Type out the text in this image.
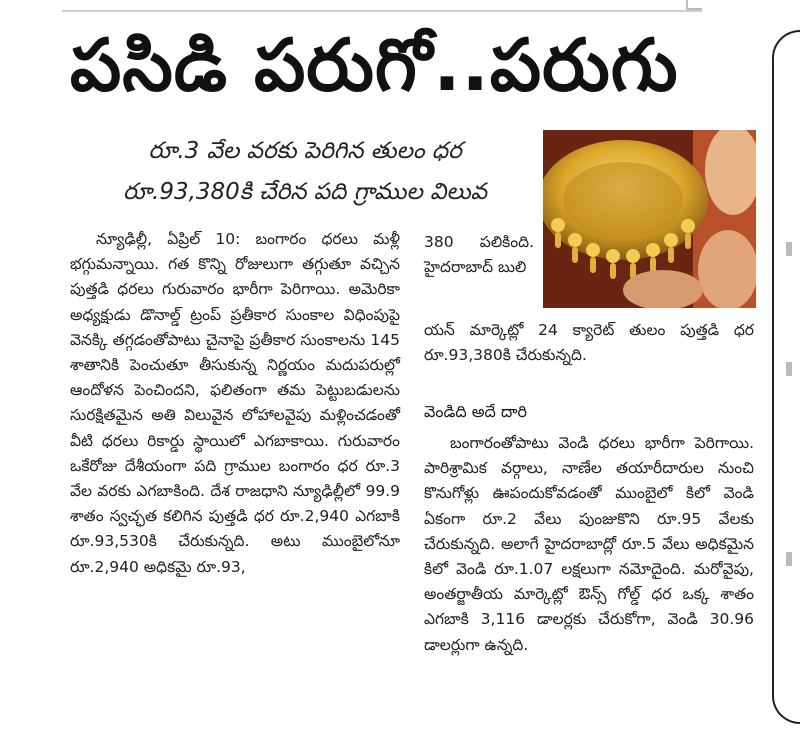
పసిడి పరుగో..పరుగు
రూ.3 వేల వరకు పెరిగిన తులం ధర
రూ.93,380కి చేరిన పది గ్రాముల విలువ

న్యూఢిల్లీ, ఏప్రిల్ 10: బంగారం ధరలు మళ్లీ భగ్గుమన్నాయి. గత కొన్ని రోజులుగా తగ్గుతూ వచ్చిన పుత్తడి ధరలు గురువారం భారీగా పెరిగాయి. అమెరికా అధ్యక్షుడు డొనాల్డ్ ట్రంప్ ప్రతీకార సుంకాల విధింపుపై వెనక్కి తగ్గడంతోపాటు చైనాపై ప్రతీకార సుంకాలను 145 శాతానికి పెంచుతూ తీసుకున్న నిర్ణయం మదుపరుల్లో ఆందోళన పెంచిందని, ఫలితంగా తమ పెట్టుబడులను సురక్షితమైన అతి విలువైన లోహాలవైపు మళ్లించడంతో వీటి ధరలు రికార్డు స్థాయిలో ఎగబాకాయి. గురువారం ఒకేరోజు దేశీయంగా పది గ్రాముల బంగారం ధర రూ.3 వేల వరకు ఎగబాకింది. దేశ రాజధాని న్యూఢిల్లీలో 99.9 శాతం స్వచ్ఛత కలిగిన పుత్తడి ధర రూ.2,940 ఎగబాకి రూ.93,530కి చేరుకున్నది. అటు ముంబైలోనూ రూ.2,940 అధికమై రూ.93,

380 పలికింది. హైదరాబాద్ బులి

యన్ మార్కెట్లో 24 క్యారెట్ తులం పుత్తడి ధర రూ.93,380కి చేరుకున్నది.

వెండిది అదే దారి

బంగారంతోపాటు వెండి ధరలు భారీగా పెరిగాయి. పారిశ్రామిక వర్గాలు, నాణేల తయారీదారుల నుంచి కొనుగోళ్లు ఊపందుకోవడంతో ముంబైలో కిలో వెండి ఏకంగా రూ.2 వేలు పుంజుకొని రూ.95 వేలకు చేరుకున్నది. అలాగే హైదరాబాద్లో రూ.5 వేలు అధికమైన కిలో వెండి రూ.1.07 లక్షలుగా నమోదైంది. మరోవైపు, అంతర్జాతీయ మార్కెట్లో ఔన్స్ గోల్డ్ ధర ఒక్క శాతం ఎగబాకి 3,116 డాలర్లకు చేరుకోగా, వెండి 30.96 డాలర్లుగా ఉన్నది.
